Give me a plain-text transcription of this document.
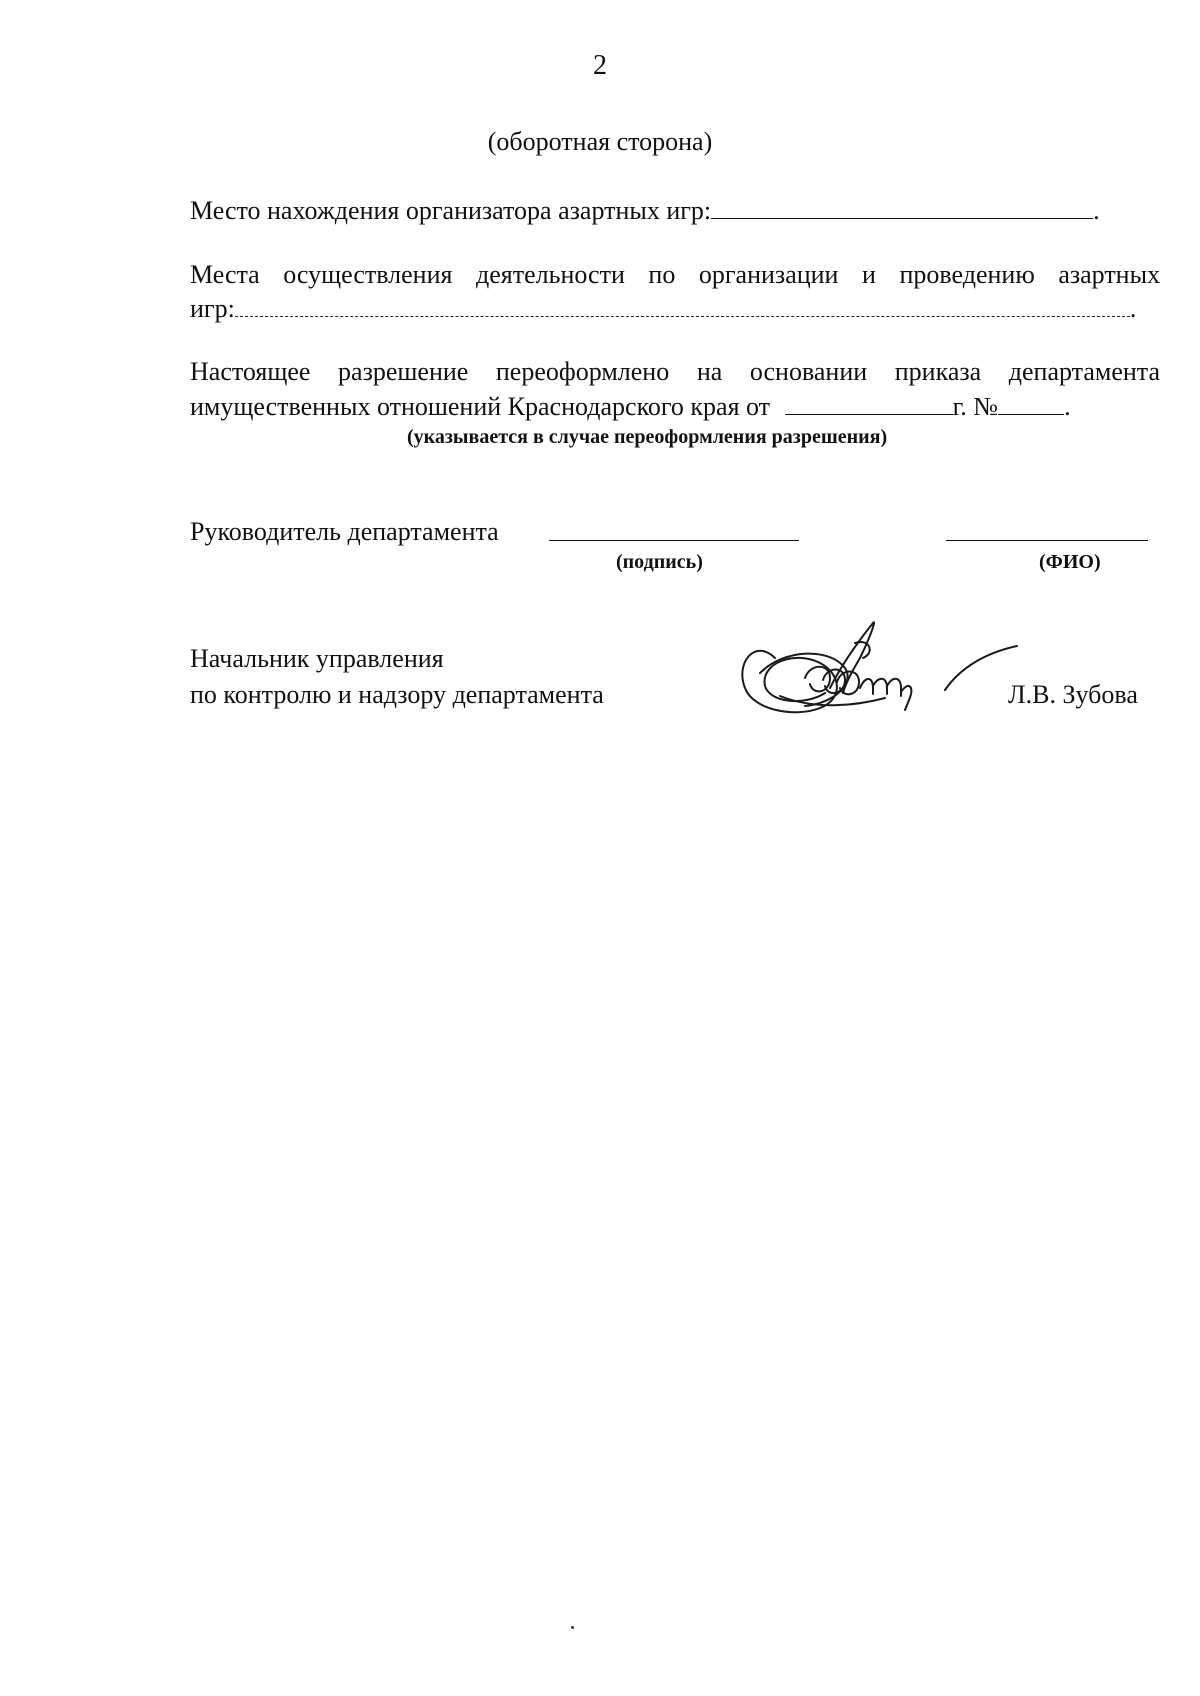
2
(оборотная сторона)
Место нахождения организатора азартных игр:	.
Места осуществления деятельности по организации и проведению азартных
игр:	.
Настоящее разрешение переоформлено на основании приказа департамента
имущественных отношений Краснодарского края от	г. №	.
(указывается в случае переоформления разрешения)
Руководитель департамента
(подпись)	(ФИО)
Начальник управления
по контролю и надзору департамента	Л.В. Зубова
